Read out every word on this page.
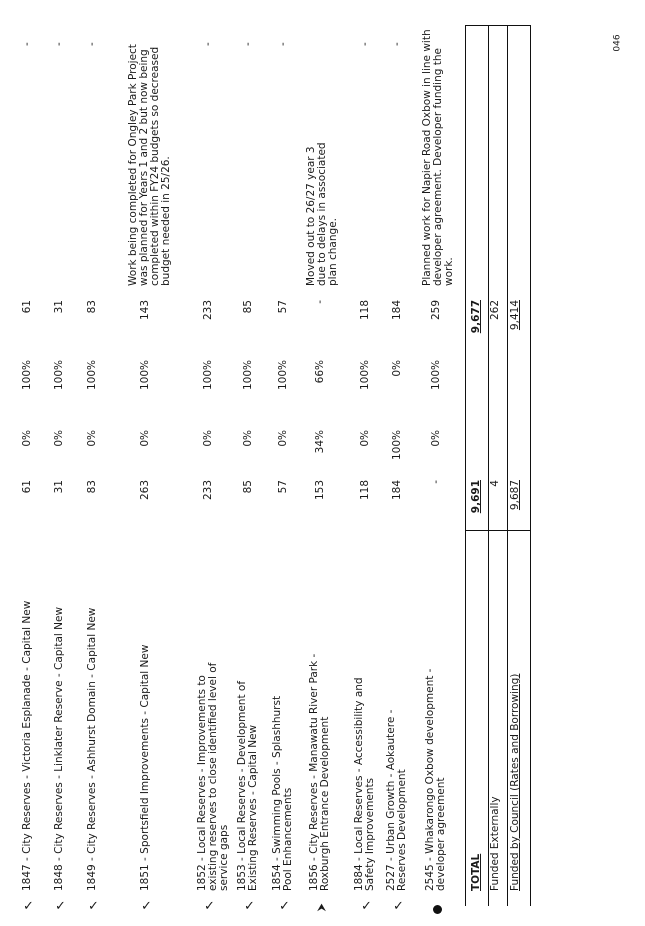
046
✓
1847 - City Reserves - Victoria Esplanade - Capital New
61
0%
100%
61
-
✓
1848 - City Reserves - Linklater Reserve - Capital New
31
0%
100%
31
-
✓
1849 - City Reserves - Ashhurst Domain - Capital New
83
0%
100%
83
-
✓
1851 - Sportsfield Improvements - Capital New
263
0%
100%
143
Work being completed for Ongley Park Project was planned for Years 1 and 2 but now being completed within FY24 budgets so decreased budget needed in 25/26.
✓
1852 - Local Reserves - Improvements to existing reserves to close identified level of service gaps
233
0%
100%
233
-
✓
1853 - Local Reserves - Development of Existing Reserves - Capital New
85
0%
100%
85
-
✓
1854 - Swimming Pools - Splashhurst Pool Enhancements
57
0%
100%
57
-
⮝
1856 - City Reserves - Manawatu River Park - Roxburgh Entrance Development
153
34%
66%
-
Moved out to 26/27 year 3 due to delays in associated plan change.
✓
1884 - Local Reserves - Accessibility and Safety Improvements
118
0%
100%
118
-
✓
2527 - Urban Growth - Aokautere - Reserves Development
184
100%
0%
184
-
2545 - Whakarongo Oxbow development - developer agreement
-
0%
100%
259
Planned work for Napier Road Oxbow in line with developer agreement. Developer funding the work.
TOTAL
9,691
9,677
Funded Externally
4
262
Funded by Council (Rates and Borrowing)
9,687
9,414
